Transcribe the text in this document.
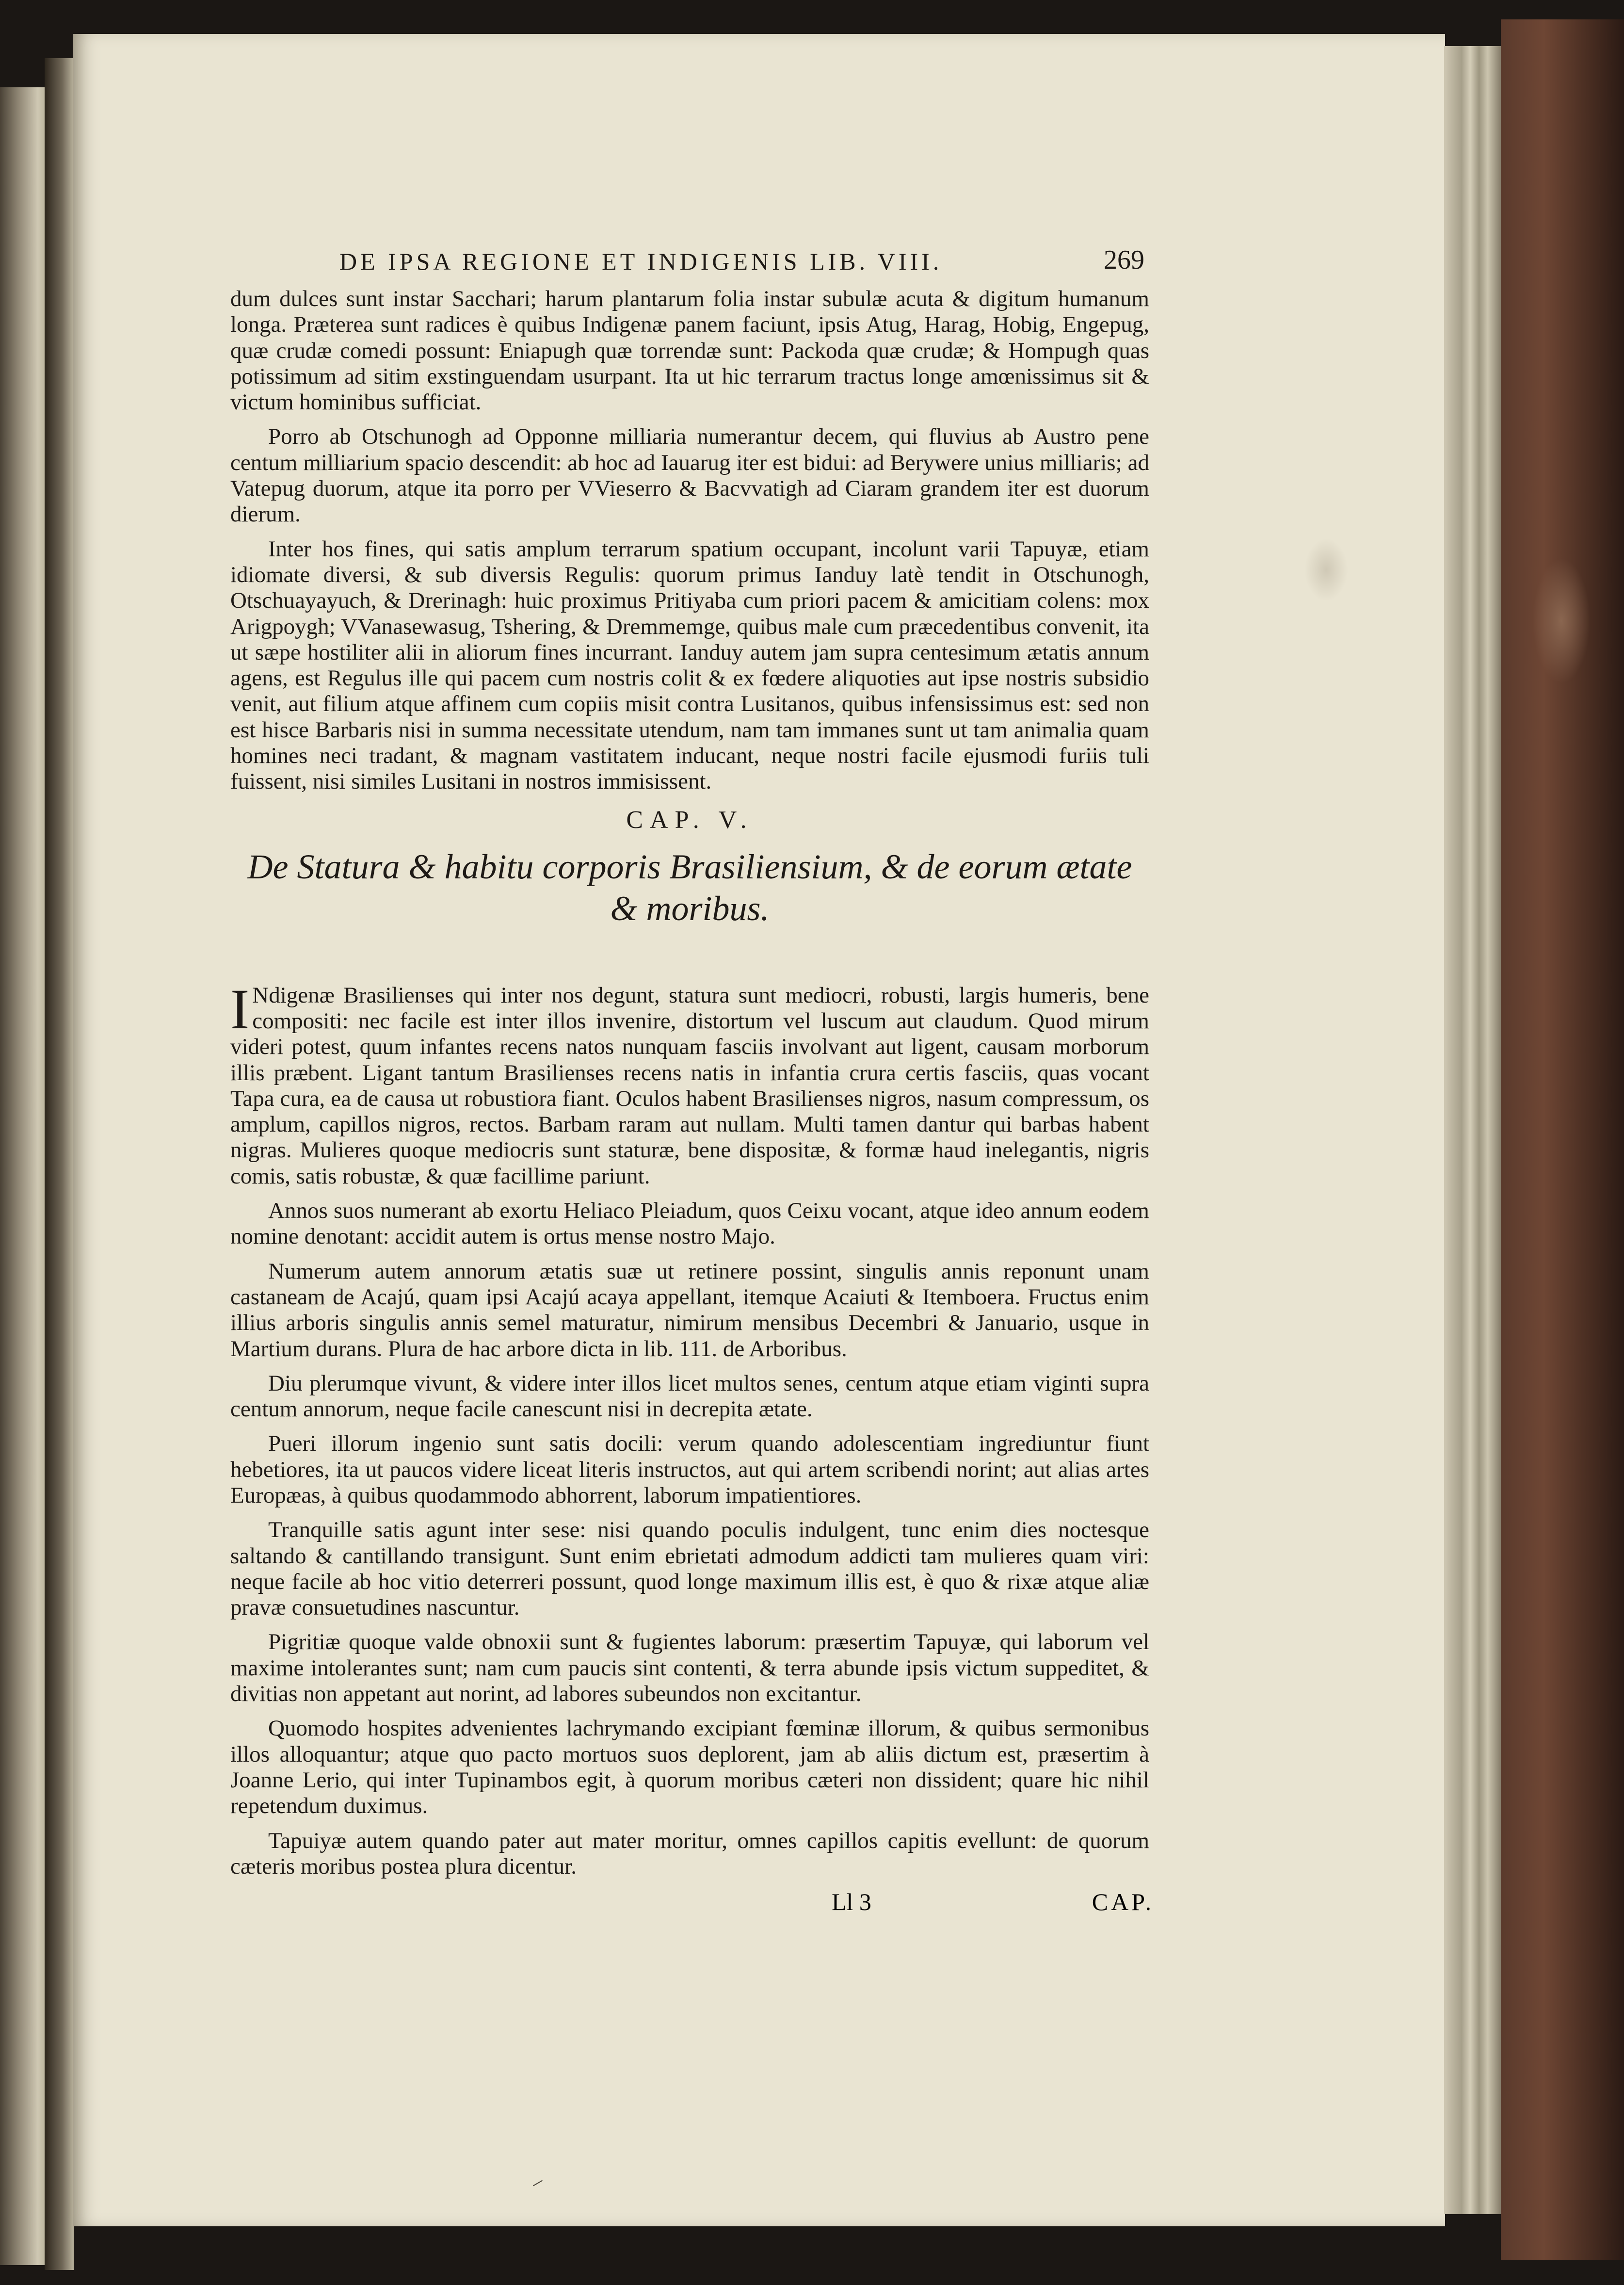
DE IPSA REGIONE ET INDIGENIS LIB. VIII.	269

dum dulces sunt instar Sacchari; harum plantarum folia instar subulæ acuta & digitum humanum longa. Præterea sunt radices è quibus Indigenæ panem faciunt, ipsis Atug, Harag, Hobig, Engepug, quæ crudæ comedi possunt: Eniapugh quæ torrendæ sunt: Packoda quæ crudæ; & Hompugh quas potissimum ad sitim exstinguendam usurpant. Ita ut hic terrarum tractus longe amœnissimus sit & victum hominibus sufficiat.

Porro ab Otschunogh ad Opponne milliaria numerantur decem, qui fluvius ab Austro pene centum milliarium spacio descendit: ab hoc ad Iauarug iter est bidui: ad Berywere unius milliaris; ad Vatepug duorum, atque ita porro per VVieserro & Bacvvatigh ad Ciaram grandem iter est duorum dierum.

Inter hos fines, qui satis amplum terrarum spatium occupant, incolunt varii Tapuyæ, etiam idiomate diversi, & sub diversis Regulis: quorum primus Ianduy latè tendit in Otschunogh, Otschuayayuch, & Drerinagh: huic proximus Pritiyaba cum priori pacem & amicitiam colens: mox Arigpoygh; VVanasewasug, Tshering, & Dremmemge, quibus male cum præcedentibus convenit, ita ut sæpe hostiliter alii in aliorum fines incurrant. Ianduy autem jam supra centesimum ætatis annum agens, est Regulus ille qui pacem cum nostris colit & ex fœdere aliquoties aut ipse nostris subsidio venit, aut filium atque affinem cum copiis misit contra Lusitanos, quibus infensissimus est: sed non est hisce Barbaris nisi in summa necessitate utendum, nam tam immanes sunt ut tam animalia quam homines neci tradant, & magnam vastitatem inducant, neque nostri facile ejusmodi furiis tuli fuissent, nisi similes Lusitani in nostros immisissent.

CAP. V.
De Statura & habitu corporis Brasiliensium, & de eorum ætate
& moribus.
I Ndigenæ Brasilienses qui inter nos degunt, statura sunt mediocri, robusti, largis humeris, bene compositi: nec facile est inter illos invenire, distortum vel luscum aut claudum. Quod mirum videri potest, quum infantes recens natos nunquam fasciis involvant aut ligent, causam morborum illis præbent. Ligant tantum Brasilienses recens natis in infantia crura certis fasciis, quas vocant Tapa cura, ea de causa ut robustiora fiant. Oculos habent Brasilienses nigros, nasum compressum, os amplum, capillos nigros, rectos. Barbam raram aut nullam. Multi tamen dantur qui barbas habent nigras. Mulieres quoque mediocris sunt staturæ, bene dispositæ, & formæ haud inelegantis, nigris comis, satis robustæ, & quæ facillime pariunt.

Annos suos numerant ab exortu Heliaco Pleiadum, quos Ceixu vocant, atque ideo annum eodem nomine denotant: accidit autem is ortus mense nostro Majo.

Numerum autem annorum ætatis suæ ut retinere possint, singulis annis reponunt unam castaneam de Acajú, quam ipsi Acajú acaya appellant, itemque Acaiuti & Itemboera. Fructus enim illius arboris singulis annis semel maturatur, nimirum mensibus Decembri & Januario, usque in Martium durans. Plura de hac arbore dicta in lib. 111. de Arboribus.

Diu plerumque vivunt, & videre inter illos licet multos senes, centum atque etiam viginti supra centum annorum, neque facile canescunt nisi in decrepita ætate.

Pueri illorum ingenio sunt satis docili: verum quando adolescentiam ingrediuntur fiunt hebetiores, ita ut paucos videre liceat literis instructos, aut qui artem scribendi norint; aut alias artes Europæas, à quibus quodammodo abhorrent, laborum impatientiores.

Tranquille satis agunt inter sese: nisi quando poculis indulgent, tunc enim dies noctesque saltando & cantillando transigunt. Sunt enim ebrietati admodum addicti tam mulieres quam viri: neque facile ab hoc vitio deterreri possunt, quod longe maximum illis est, è quo & rixæ atque aliæ pravæ consuetudines nascuntur.

Pigritiæ quoque valde obnoxii sunt & fugientes laborum: præsertim Tapuyæ, qui laborum vel maxime intolerantes sunt; nam cum paucis sint contenti, & terra abunde ipsis victum suppeditet, & divitias non appetant aut norint, ad labores subeundos non excitantur.

Quomodo hospites advenientes lachrymando excipiant fœminæ illorum, & quibus sermonibus illos alloquantur; atque quo pacto mortuos suos deplorent, jam ab aliis dictum est, præsertim à Joanne Lerio, qui inter Tupinambos egit, à quorum moribus cæteri non dissident; quare hic nihil repetendum duximus.

Tapuiyæ autem quando pater aut mater moritur, omnes capillos capitis evellunt: de quorum cæteris moribus postea plura dicentur.

Ll 3	CAP.
